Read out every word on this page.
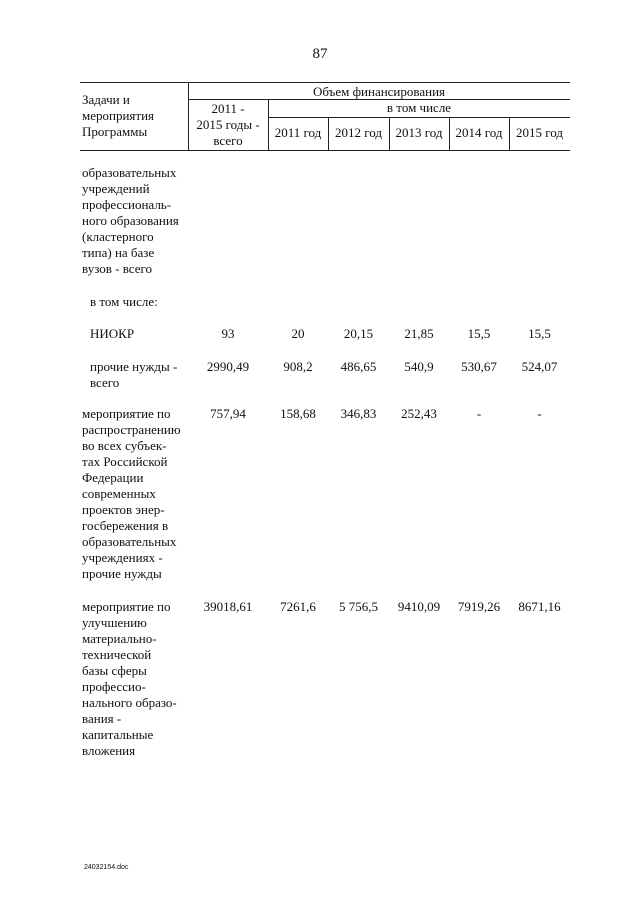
87
Задачи и
мероприятия
Программы
Объем финансирования
2011 -
2015 годы -
всего
в том числе
2011 год	2012 год	2013 год	2014 год	2015 год
образовательных
учреждений
профессиональ-
ного образования
(кластерного
типа) на базе
вузов - всего
в том числе:
НИОКР	93	20	20,15	21,85	15,5	15,5
прочие нужды -
всего
2990,49	908,2	486,65	540,9	530,67	524,07
мероприятие по
распространению
во всех субъек-
тах Российской
Федерации
современных
проектов энер-
госбережения в
образовательных
учреждениях -
прочие нужды
757,94	158,68	346,83	252,43	-	-
мероприятие по
улучшению
материально-
технической
базы сферы
профессио-
нального образо-
вания -
капитальные
вложения
39018,61	7261,6	5 756,5	9410,09	7919,26	8671,16
24032154.doc
